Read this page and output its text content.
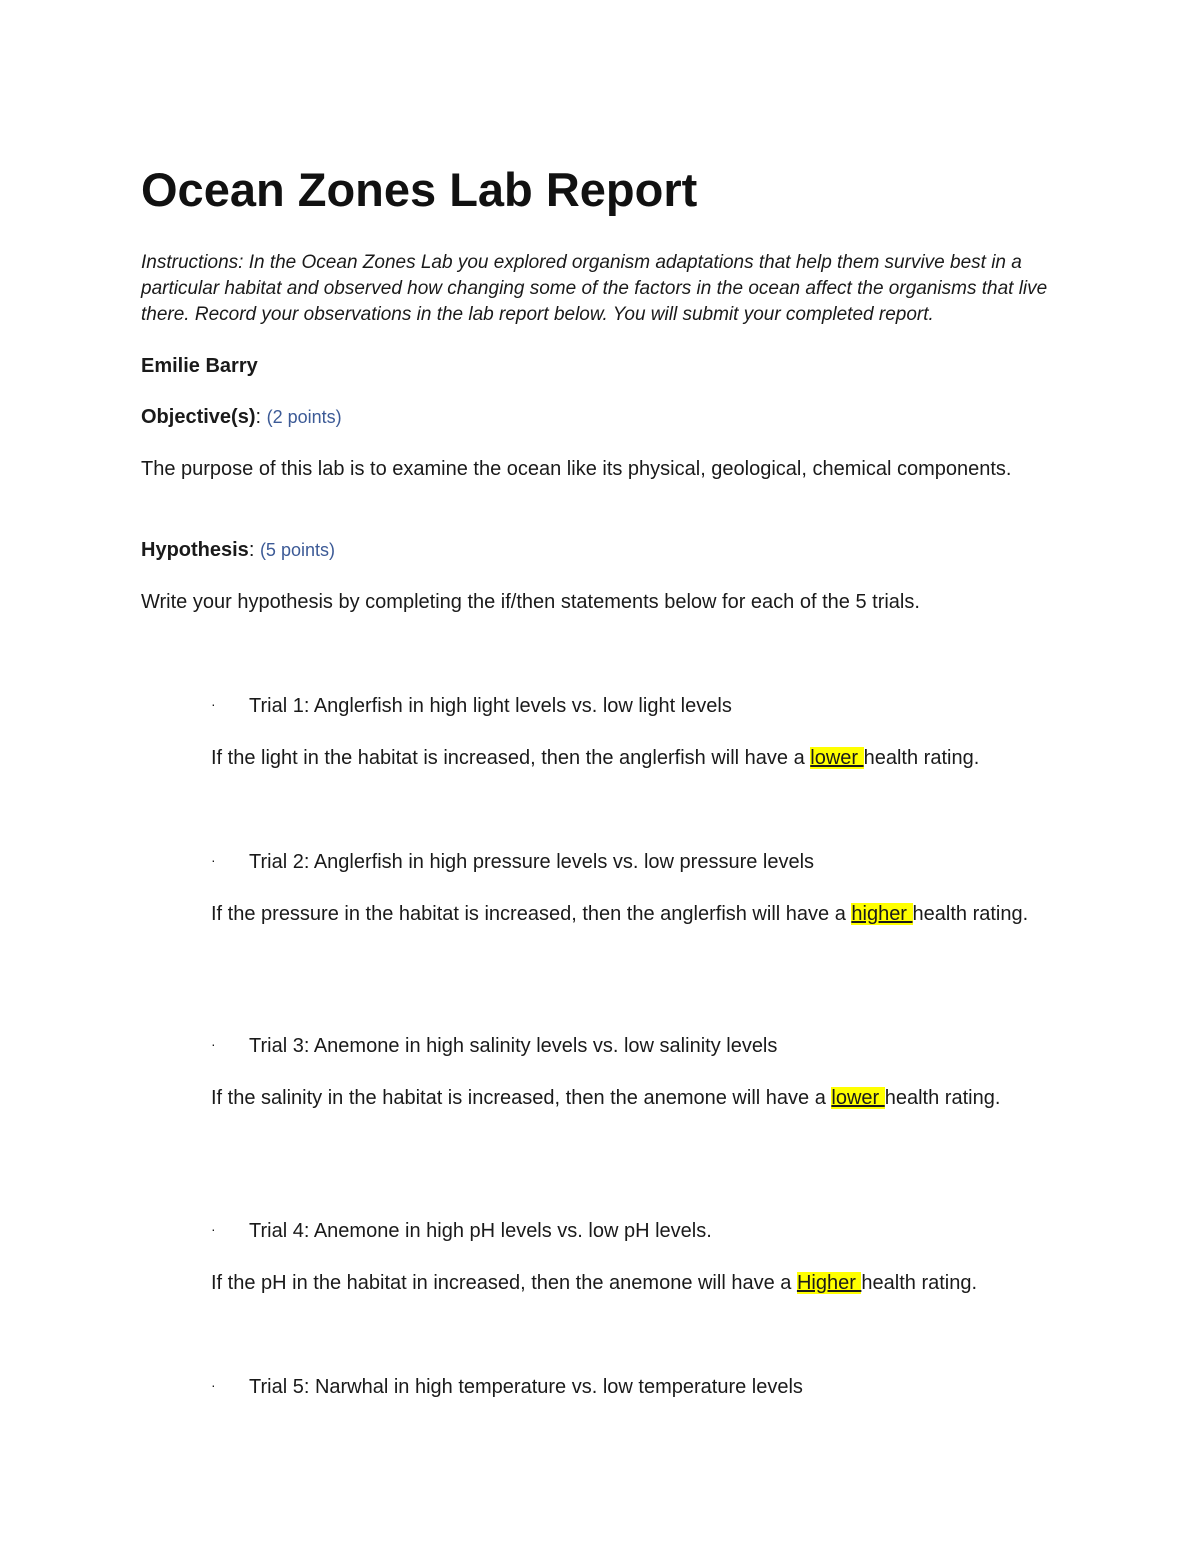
Ocean Zones Lab Report

Instructions: In the Ocean Zones Lab you explored organism adaptations that help them survive best in a particular habitat and observed how changing some of the factors in the ocean affect the organisms that live there. Record your observations in the lab report below. You will submit your completed report.

Emilie Barry

Objective(s): (2 points)

The purpose of this lab is to examine the ocean like its physical, geological, chemical components.

Hypothesis: (5 points)

Write your hypothesis by completing the if/then statements below for each of the 5 trials.

· Trial 1: Anglerfish in high light levels vs. low light levels

If the light in the habitat is increased, then the anglerfish will have a lower health rating.

· Trial 2: Anglerfish in high pressure levels vs. low pressure levels

If the pressure in the habitat is increased, then the anglerfish will have a higher health rating.

· Trial 3: Anemone in high salinity levels vs. low salinity levels

If the salinity in the habitat is increased, then the anemone will have a lower health rating.

· Trial 4: Anemone in high pH levels vs. low pH levels.

If the pH in the habitat in increased, then the anemone will have a Higher health rating.

· Trial 5: Narwhal in high temperature vs. low temperature levels
